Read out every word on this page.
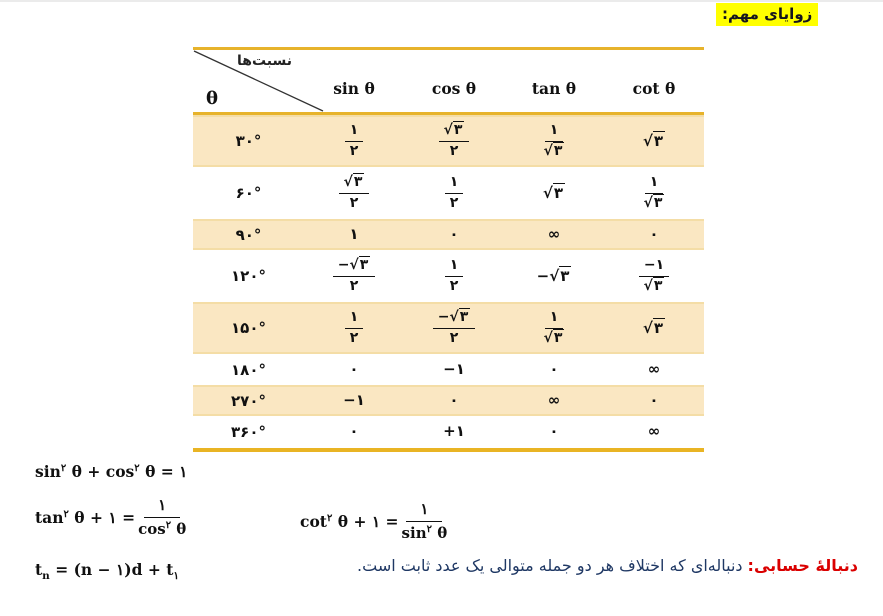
زوایای مهم:
نسبت‌ها
θ	sin θ	cos θ	tan θ	cot θ
۳۰°	$\frac{۱}{۲}$	$\frac{√۳}{۲}$	$\frac{۱}{√۳}$	√۳
۶۰°	$\frac{√۳}{۲}$	$\frac{۱}{۲}$	√۳	$\frac{۱}{√۳}$
۹۰°	۱	۰	∞	۰
۱۲۰°	$\frac{-√۳}{۲}$	$\frac{۱}{۲}$	−√۳	$\frac{-۱}{√۳}$
۱۵۰°	$\frac{۱}{۲}$	$\frac{-√۳}{۲}$	$\frac{۱}{√۳}$	√۳
۱۸۰°	۰	−۱	۰	∞
۲۷۰°	−۱	۰	∞	۰
۳۶۰°	۰	+۱	۰	∞
$\sin^۲ \theta + \cos^۲ \theta$ = ۱
$\tan^۲ \theta$ + ۱ =
۱
$\cos^۲ \theta$	$\cot^۲ \theta$ + ۱ =
۱
$\sin^۲ \theta$
$t_n = (n$ − ۱)d + $t_۱$
دنبالۀ حسابی:دنباله‌ای که اختلاف هر دو جمله متوالی یک عدد ثابت است.
